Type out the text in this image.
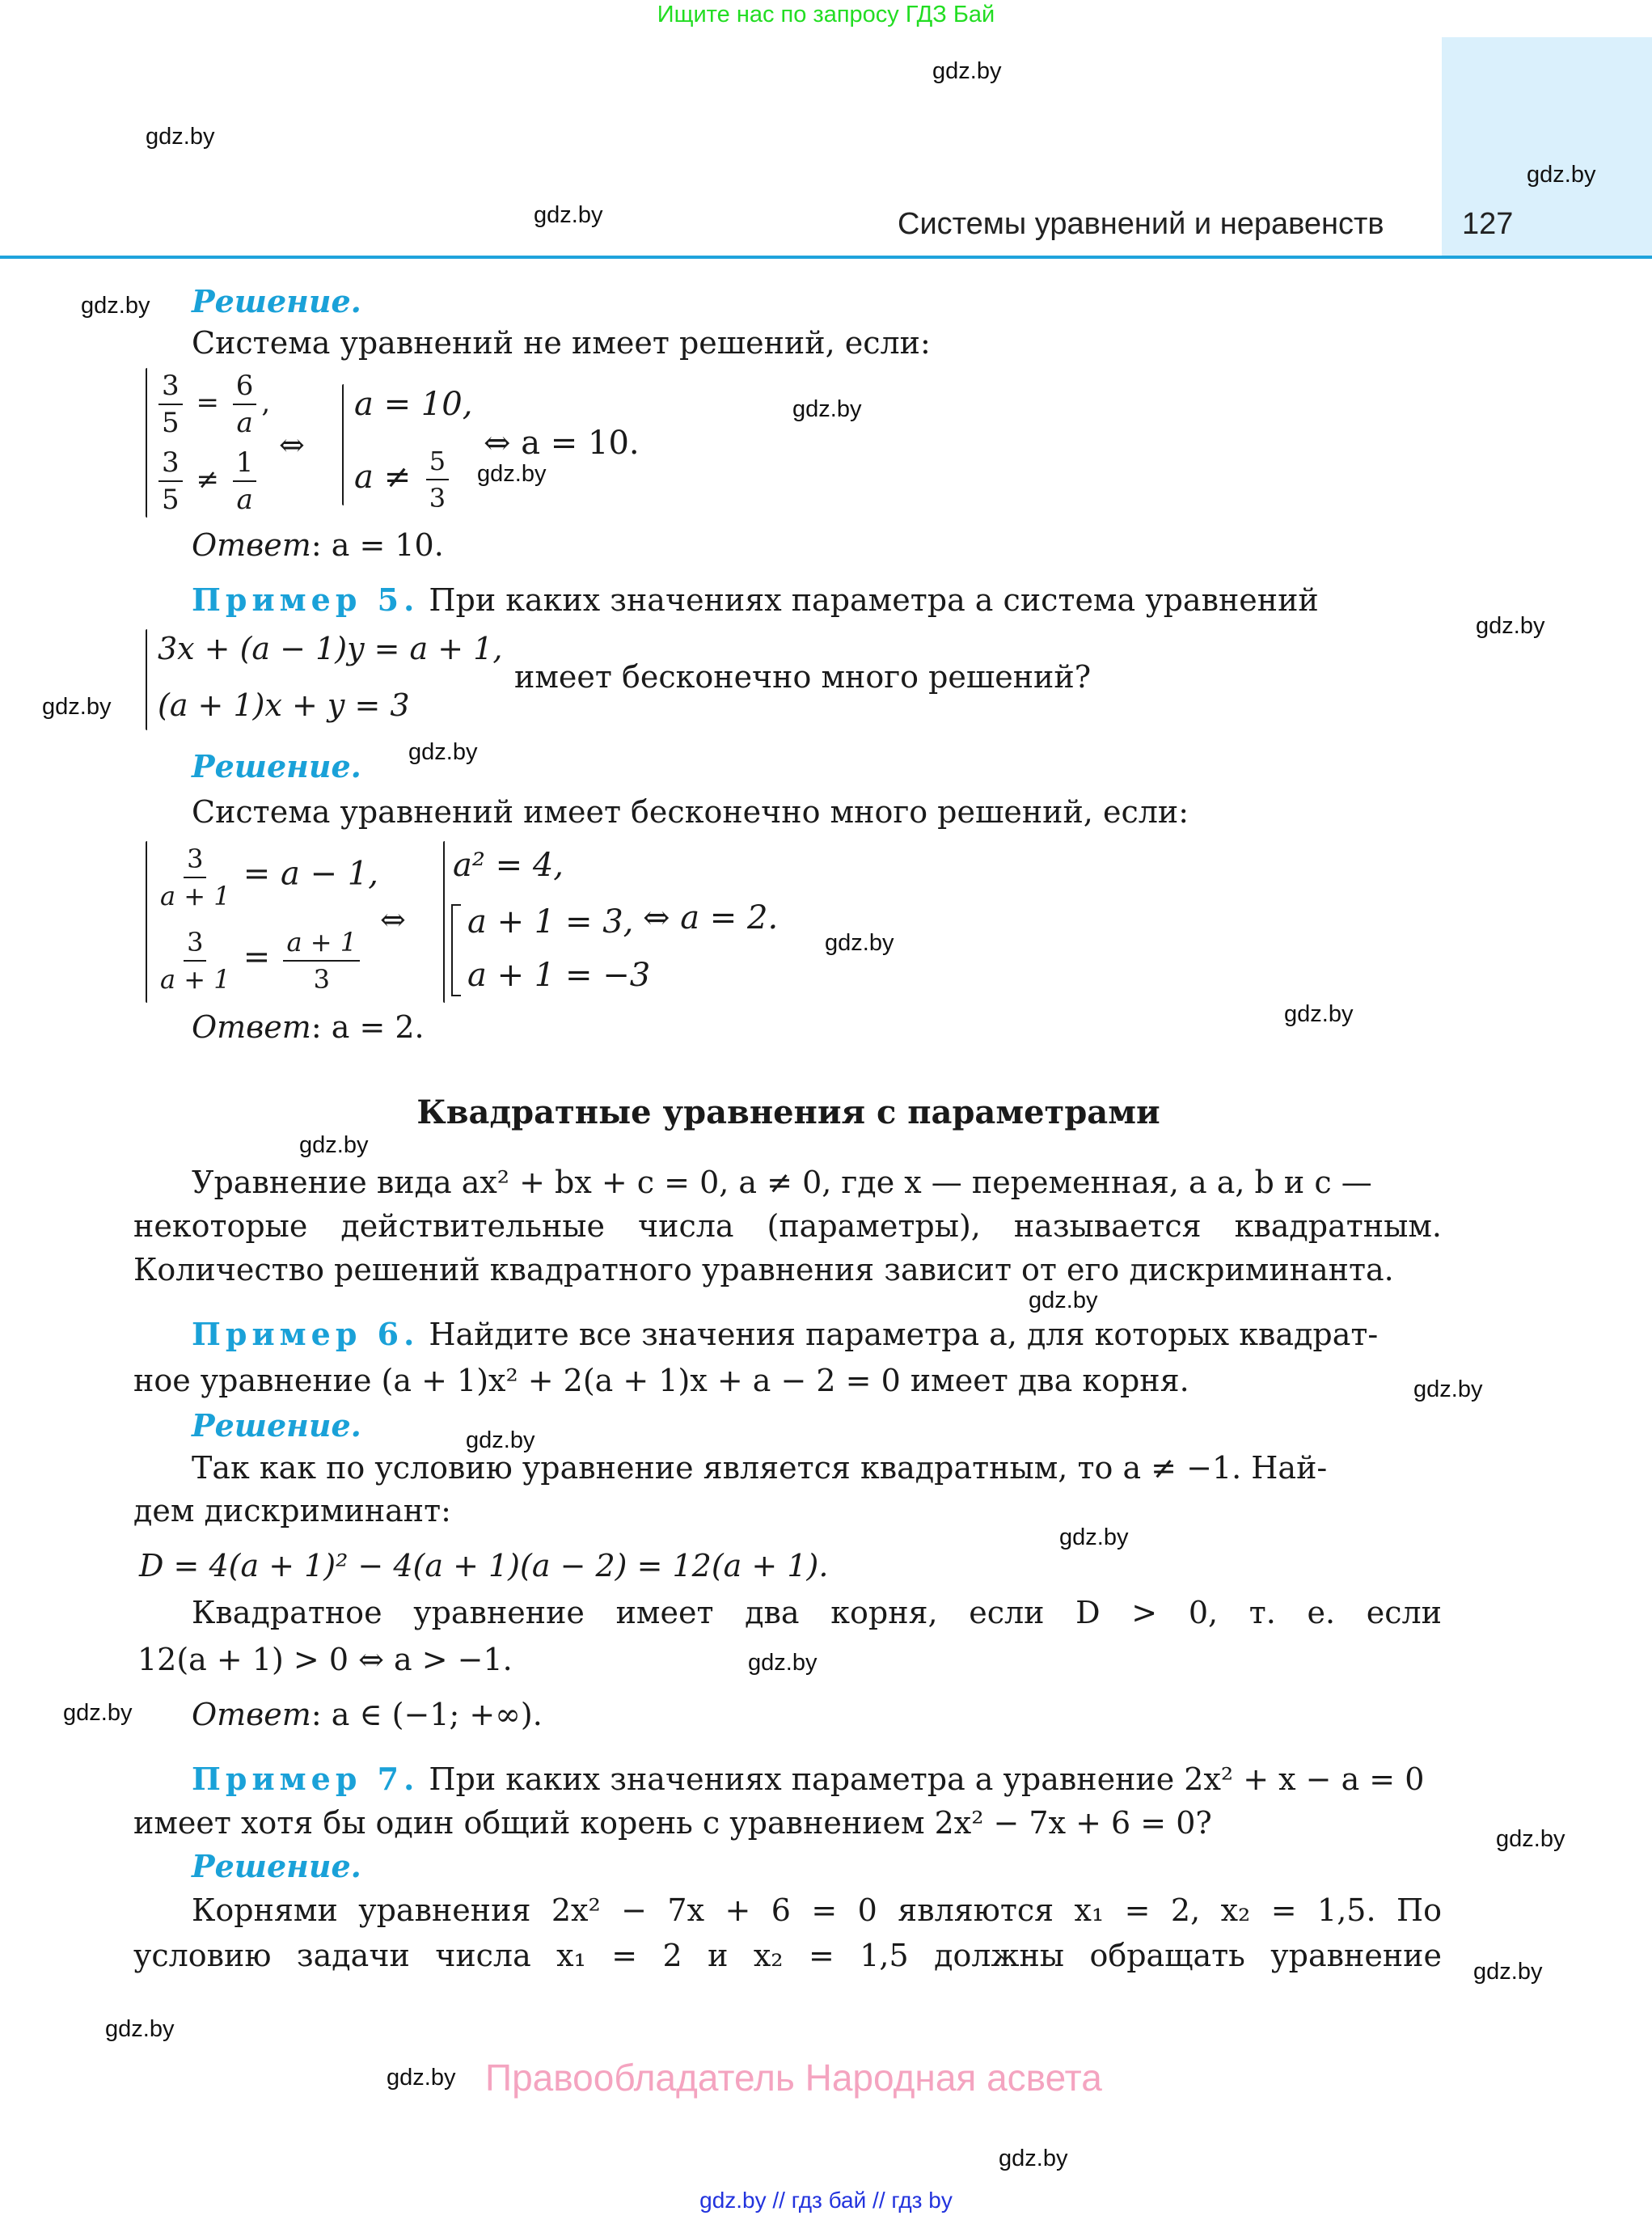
Ищите нас по запросу ГДЗ Бай
Системы уравнений и неравенств	127
gdz.by
gdz.by
gdz.by
gdz.by
gdz.by
gdz.by
gdz.by
gdz.by
gdz.by
gdz.by
gdz.by
gdz.by
gdz.by
gdz.by
gdz.by
gdz.by
gdz.by
gdz.by
gdz.by
gdz.by
gdz.by
gdz.by
gdz.by
gdz.by
Решение.
Система уравнений не имеет решений, если:
$\frac{3}{5} = \frac{6}{a}$ ,
$\frac{3}{5} \ne \frac{1}{a}$ ⇔
a = 10,
$a \ne \frac{5}{3}$ ⇔ a = 10.
Ответ: a = 10.
Пример 5. При каких значениях параметра a система уравнений
3x + (a − 1)y = a + 1,
(a + 1)x + y = 3
имеет бесконечно много решений?
Решение.
Система уравнений имеет бесконечно много решений, если:
$\frac{3}{a + 1} = a - 1$,
$\frac{3}{a + 1} = \frac{a + 1}{3}$
⇔
a² = 4,
a + 1 = 3,
a + 1 = −3
⇔ a = 2.
Ответ: a = 2.
Квадратные уравнения с параметрами
Уравнение вида ax² + bx + c = 0, a ≠ 0, где x — переменная, а a, b и c —
некоторые действительные числа (параметры), называется квадратным.
Количество решений квадратного уравнения зависит от его дискриминанта.
Пример 6. Найдите все значения параметра a, для которых квадрат-
ное уравнение (a + 1)x² + 2(a + 1)x + a − 2 = 0 имеет два корня.
Решение.
Так как по условию уравнение является квадратным, то a ≠ −1. Най-
дем дискриминант:
D = 4(a + 1)² − 4(a + 1)(a − 2) = 12(a + 1).
Квадратное уравнение имеет два корня, если D > 0, т. е. если
12(a + 1) > 0 ⇔ a > −1.
Ответ: a ∈ (−1; +∞).
Пример 7. При каких значениях параметра a уравнение 2x² + x − a = 0
имеет хотя бы один общий корень с уравнением 2x² − 7x + 6 = 0?
Решение.
Корнями уравнения 2x² − 7x + 6 = 0 являются x₁ = 2, x₂ = 1,5. По
условию задачи числа x₁ = 2 и x₂ = 1,5 должны обращать уравнение
Правообладатель Народная асвета
gdz.by // гдз бай // гдз by
